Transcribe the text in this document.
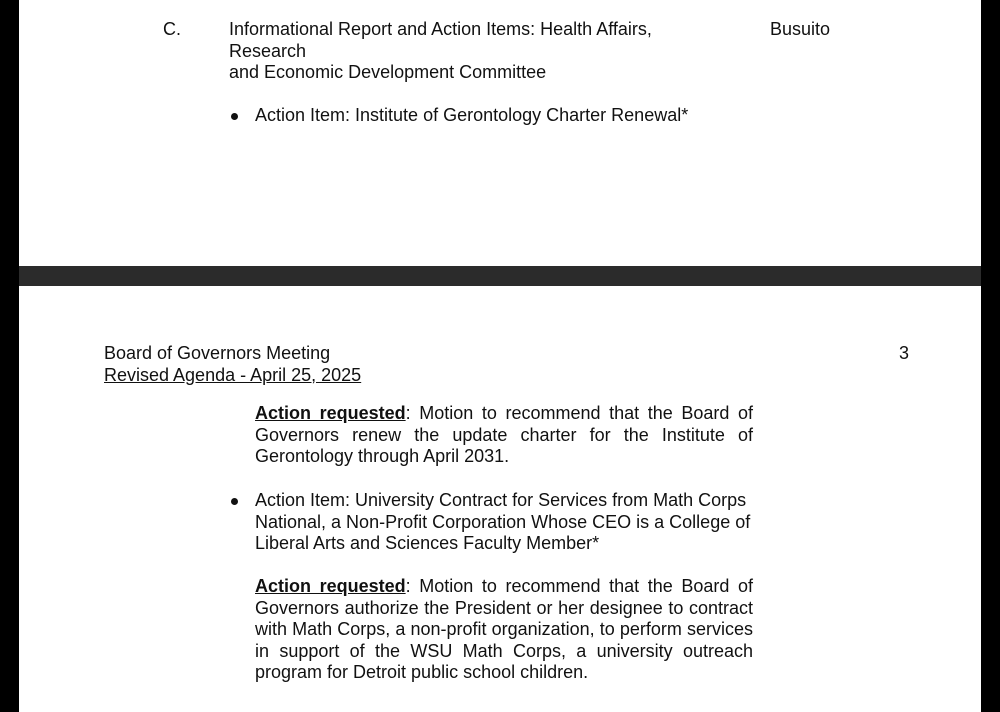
C.	Informational Report and Action Items: Health Affairs,
Research
and Economic Development Committee
Busuito
Action Item: Institute of Gerontology Charter Renewal*
Board of Governors Meeting
Revised Agenda - April 25, 2025
3
Action requested: Motion to recommend that the Board of Governors renew the update charter for the Institute of Gerontology through April 2031.
Action Item: University Contract for Services from Math Corps National, a Non-Profit Corporation Whose CEO is a College of Liberal Arts and Sciences Faculty Member*
Action requested: Motion to recommend that the Board of Governors authorize the President or her designee to contract with Math Corps, a non-profit organization, to perform services in support of the WSU Math Corps, a university outreach program for Detroit public school children.
